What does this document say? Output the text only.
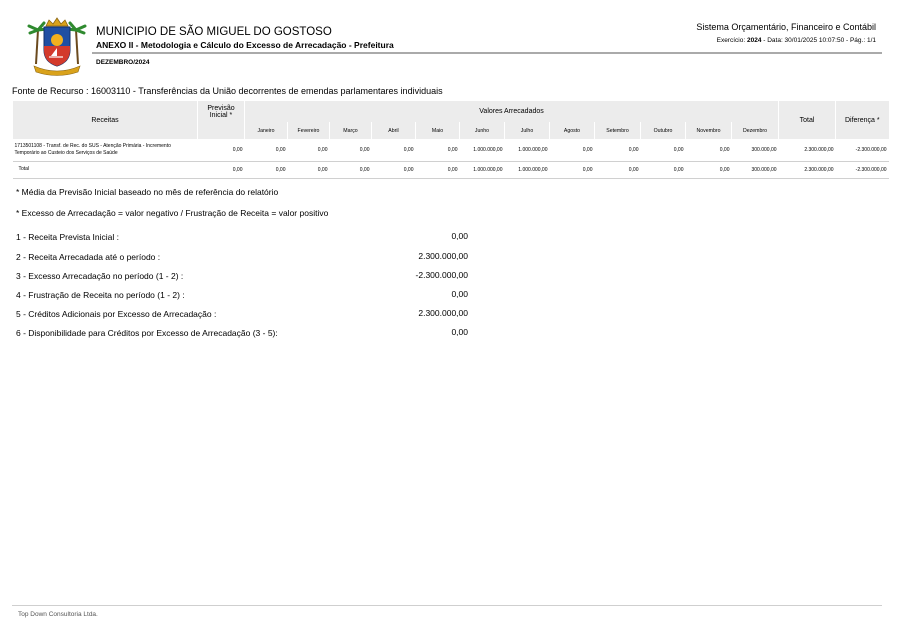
MUNICIPIO DE SÃO MIGUEL DO GOSTOSO
ANEXO II - Metodologia e Cálculo do Excesso de Arrecadação - Prefeitura
DEZEMBRO/2024
Sistema Orçamentário, Financeiro e Contábil
Exercício: 2024 - Data: 30/01/2025 10:07:50 - Pág.: 1/1
Fonte de Recurso : 16003110 - Transferências da União decorrentes de emendas parlamentares individuais
Receitas	Previsão Inicial *	Valores Arrecadados												Total	Diferença *
		Janeiro	Fevereiro	Março	Abril	Maio	Junho	Julho	Agosto	Setembro	Outubro	Novembro	Dezembro		
1713501108 - Transf. de Rec. do SUS - Atenção Primária - Incremento Temporário ao Custeio dos Serviços de Saúde	0,00	0,00	0,00	0,00	0,00	0,00	1.000.000,00	1.000.000,00	0,00	0,00	0,00	0,00	300.000,00	2.300.000,00	-2.300.000,00
Total	0,00	0,00	0,00	0,00	0,00	0,00	1.000.000,00	1.000.000,00	0,00	0,00	0,00	0,00	300.000,00	2.300.000,00	-2.300.000,00
* Média da Previsão Inicial baseado no mês de referência do relatório
* Excesso de Arrecadação = valor negativo / Frustração de Receita = valor positivo
1 - Receita Prevista Inicial :	0,00
2 - Receita Arrecadada até o período :	2.300.000,00
3 - Excesso Arrecadação no período (1 - 2) :	-2.300.000,00
4 - Frustração de Receita no período (1 - 2) :	0,00
5 - Créditos Adicionais por Excesso de Arrecadação :	2.300.000,00
6 - Disponibilidade para Créditos por Excesso de Arrecadação (3 - 5):	0,00
Top Down Consultoria Ltda.
